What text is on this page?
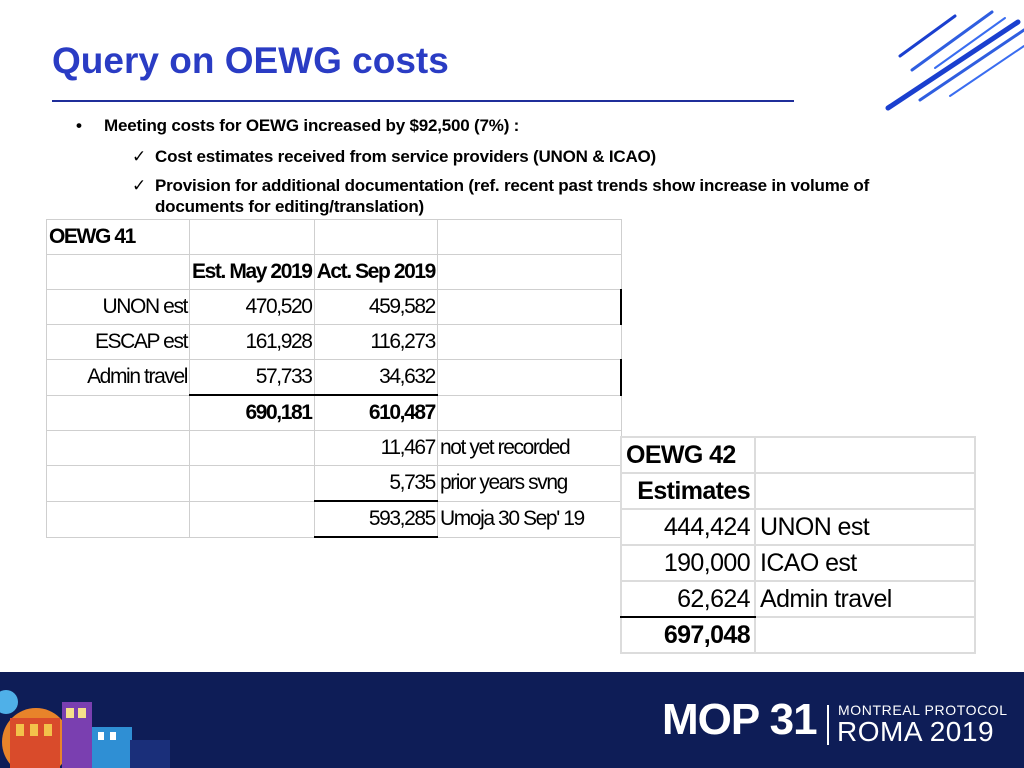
Query on OEWG costs
• Meeting costs for OEWG increased by $92,500 (7%) :
✓ Cost estimates received from service providers (UNON & ICAO)
✓ Provision for additional documentation (ref. recent past trends show increase in volume of documents for editing/translation)
OEWG 41			
	Est. May 2019	Act. Sep 2019	
UNON est	470,520	459,582	
ESCAP est	161,928	116,273	
Admin travel	57,733	34,632	
	690,181	610,487	
		11,467	not yet recorded
		5,735	prior years svng
		593,285	Umoja 30 Sep' 19
OEWG 42	
Estimates	
444,424	UNON est
190,000	ICAO est
62,624	Admin travel
697,048	
MOP 31 MONTREAL PROTOCOL
ROMA 2019
